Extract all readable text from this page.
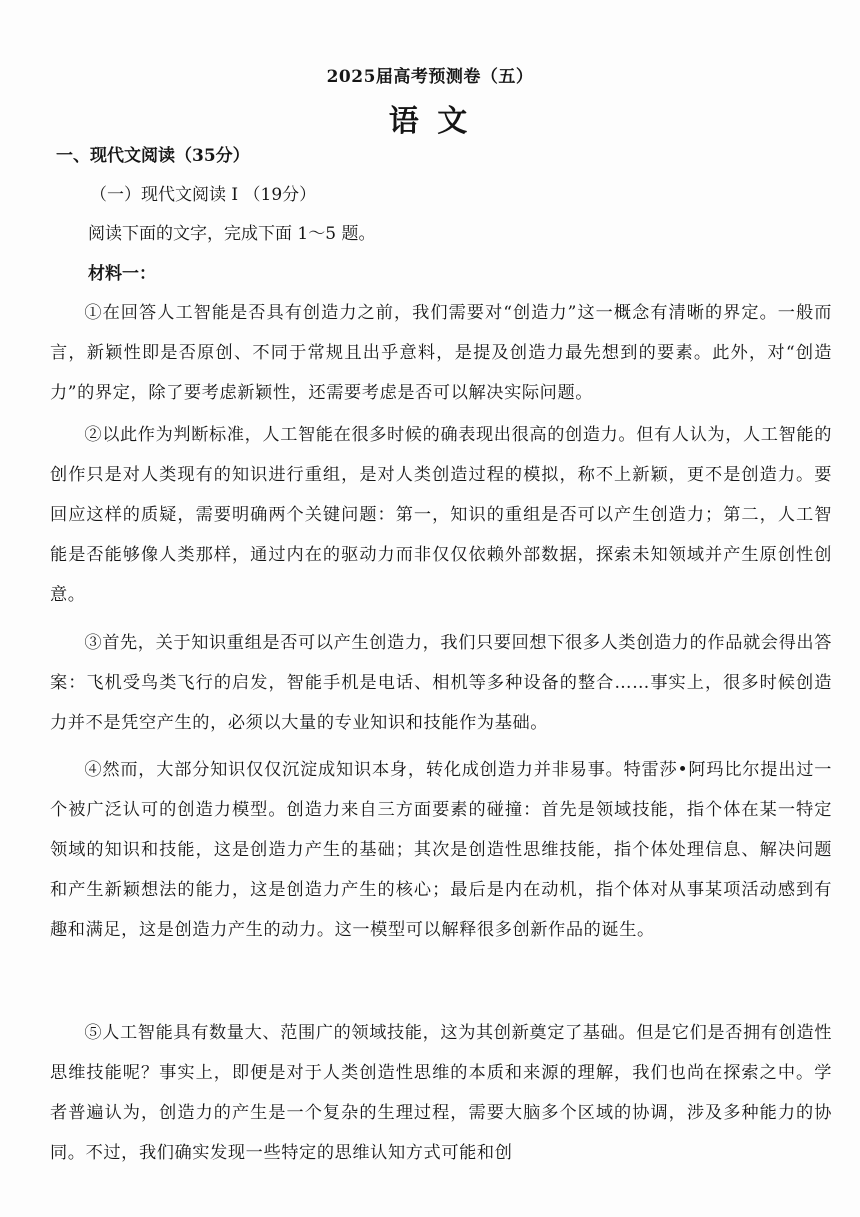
2025届高考预测卷（五）
语 文
一、现代文阅读（35分）
（一）现代文阅读 I （19分）
阅读下面的文字，完成下面 1～5 题。
材料一：
①在回答人工智能是否具有创造力之前，我们需要对“创造力”这一概念有清晰的界定。一般而言，新颖性即是否原创、不同于常规且出乎意料，是提及创造力最先想到的要素。此外，对“创造力”的界定，除了要考虑新颖性，还需要考虑是否可以解决实际问题。
②以此作为判断标准，人工智能在很多时候的确表现出很高的创造力。但有人认为，人工智能的创作只是对人类现有的知识进行重组，是对人类创造过程的模拟，称不上新颖，更不是创造力。要回应这样的质疑，需要明确两个关键问题：第一，知识的重组是否可以产生创造力；第二，人工智能是否能够像人类那样，通过内在的驱动力而非仅仅依赖外部数据，探索未知领域并产生原创性创意。
③首先，关于知识重组是否可以产生创造力，我们只要回想下很多人类创造力的作品就会得出答案：飞机受鸟类飞行的启发，智能手机是电话、相机等多种设备的整合……事实上，很多时候创造力并不是凭空产生的，必须以大量的专业知识和技能作为基础。
④然而，大部分知识仅仅沉淀成知识本身，转化成创造力并非易事。特雷莎•阿玛比尔提出过一个被广泛认可的创造力模型。创造力来自三方面要素的碰撞：首先是领域技能，指个体在某一特定领域的知识和技能，这是创造力产生的基础；其次是创造性思维技能，指个体处理信息、解决问题和产生新颖想法的能力，这是创造力产生的核心；最后是内在动机，指个体对从事某项活动感到有趣和满足，这是创造力产生的动力。这一模型可以解释很多创新作品的诞生。
⑤人工智能具有数量大、范围广的领域技能，这为其创新奠定了基础。但是它们是否拥有创造性思维技能呢？事实上，即便是对于人类创造性思维的本质和来源的理解，我们也尚在探索之中。学者普遍认为，创造力的产生是一个复杂的生理过程，需要大脑多个区域的协调，涉及多种能力的协同。不过，我们确实发现一些特定的思维认知方式可能和创
